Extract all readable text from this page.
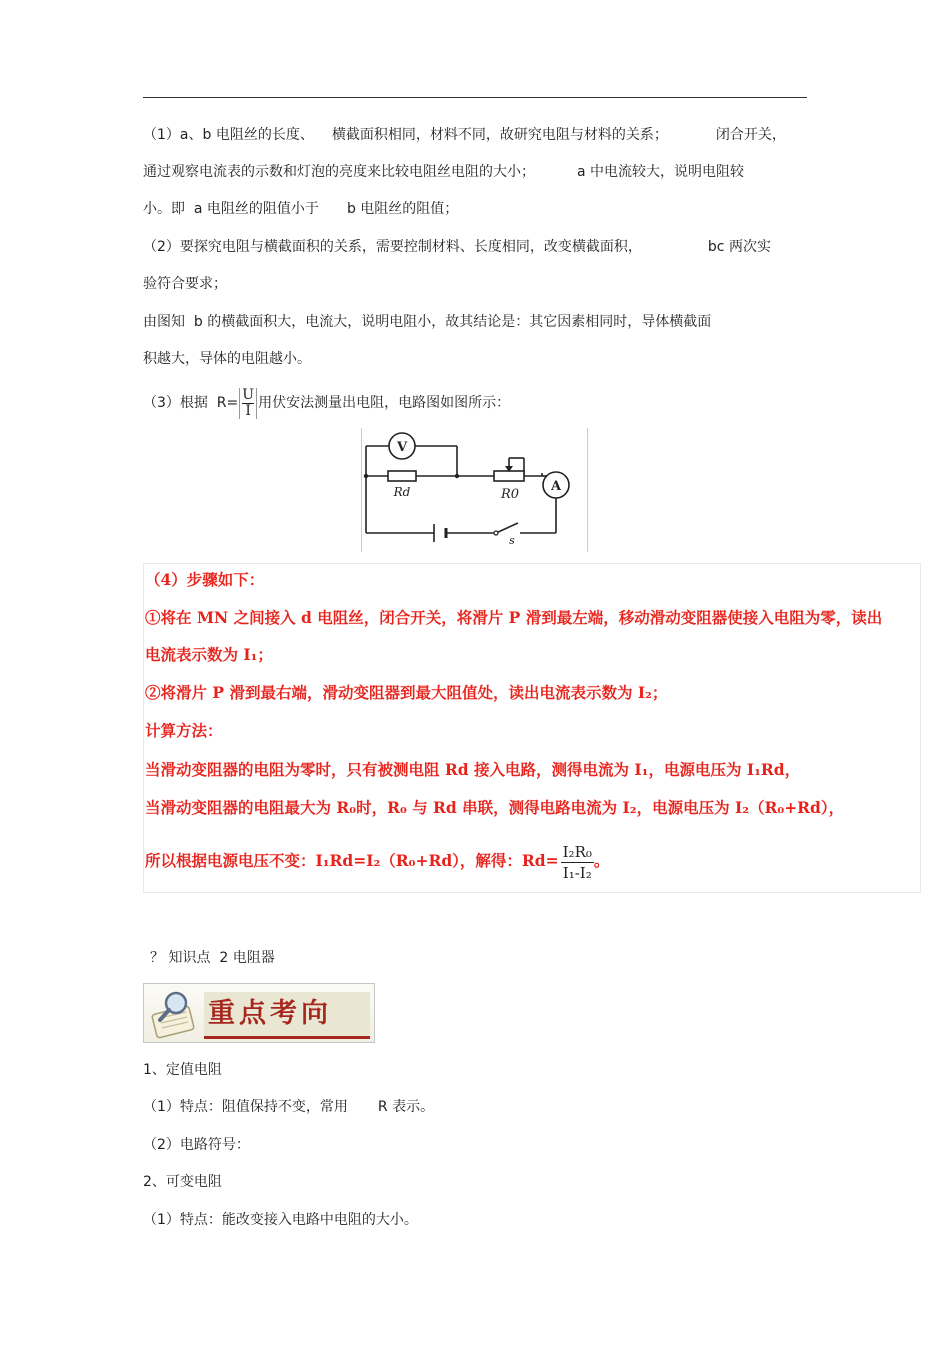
（1）a、b 电阻丝的长度、 横截面积相同，材料不同，故研究电阻与材料的关系；	闭合开关，
通过观察电流表的示数和灯泡的亮度来比较电阻丝电阻的大小；	a 中电流较大，说明电阻较
小。即  a 电阻丝的阻值小于 b 电阻丝的阻值；
（2）要探究电阻与横截面积的关系，需要控制材料、长度相同，改变横截面积，	bc 两次实
验符合要求；
由图知  b 的横截面积大，电流大，说明电阻小，故其结论是：其它因素相同时，导体横截面
积越大，导体的电阻越小。
（3）根据  $R= \frac{U}{I}$ 用伏安法测量出电阻，电路图如图所示：
V
Rd	R0
A
s
（4）步骤如下：
①将在 MN 之间接入 d 电阻丝，闭合开关，将滑片 P 滑到最左端，移动滑动变阻器使接入电阻为零，读出
电流表示数为 I₁；
②将滑片 P 滑到最右端，滑动变阻器到最大阻值处，读出电流表示数为 I₂；
计算方法：
当滑动变阻器的电阻为零时，只有被测电阻 Rd 接入电路，测得电流为 I₁，电源电压为 I₁Rd，
当滑动变阻器的电阻最大为 R₀时，R₀ 与 Rd 串联，测得电路电流为 I₂，电源电压为 I₂（R₀+Rd），
所以根据电源电压不变：I₁Rd=I₂（R₀+Rd），解得：$Rd= \frac{\text{I₂R₀}}{\text{I₁-I₂}}$ 。
？ 知识点  2 电阻器
重点考向
1、定值电阻
（1）特点：阻值保持不变，常用 R 表示。
（2）电路符号：
2、可变电阻
（1）特点：能改变接入电路中电阻的大小。
